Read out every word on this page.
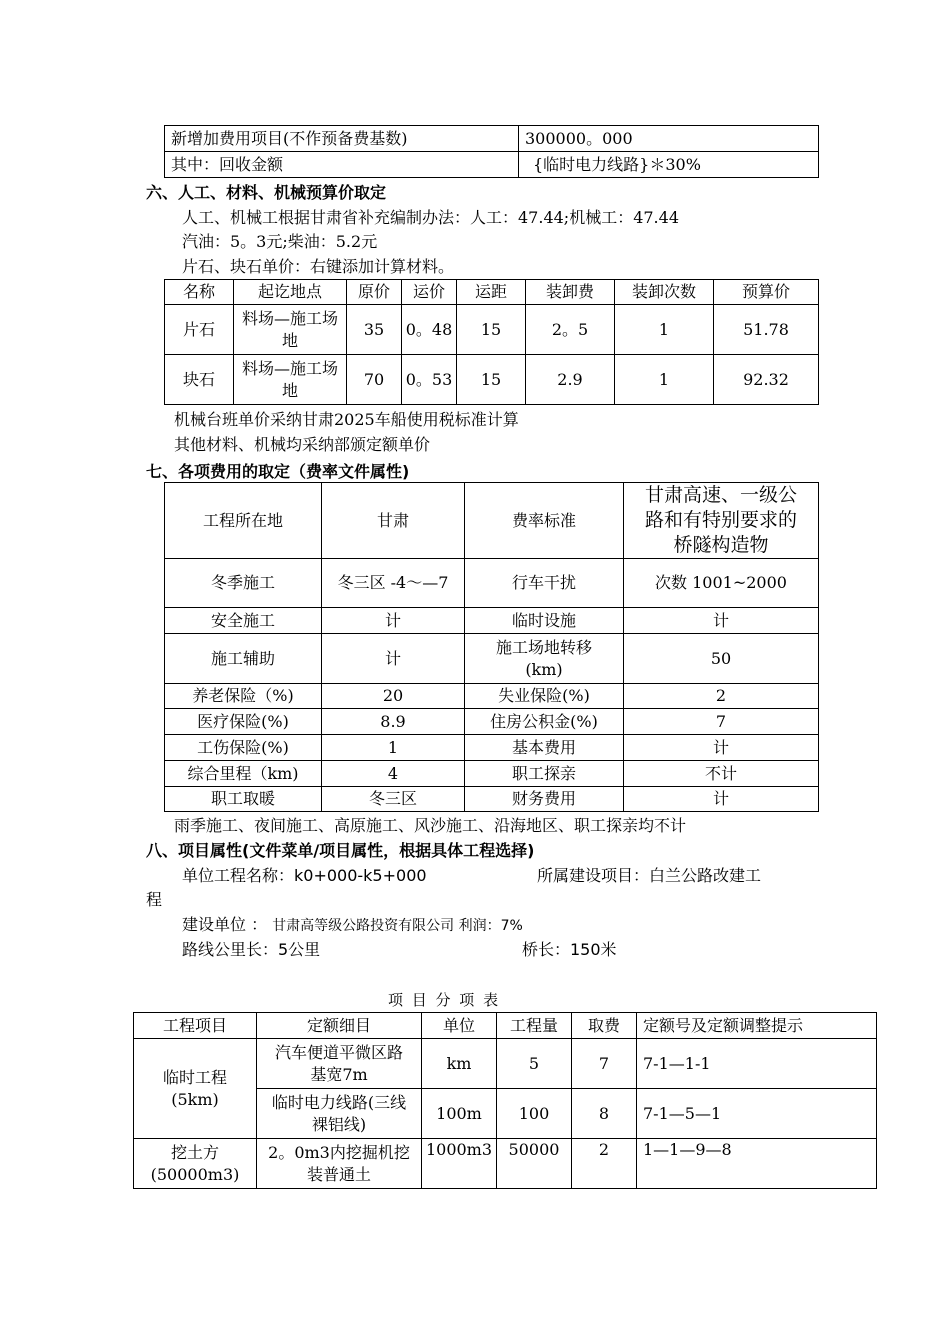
新增加费用项目(不作预备费基数)	300000。000
其中：回收金额	{临时电力线路}＊30%
六、人工、材料、机械预算价取定
人工、机械工根据甘肃省补充编制办法：人工：47.44;机械工：47.44
汽油：5。3元;柴油：5.2元
片石、块石单价：右键添加计算材料。
名称	起讫地点	原价	运价	运距	装卸费	装卸次数	预算价
片石	料场—施工场地	35	0。48	15	2。5	1	51.78
块石	料场—施工场地	70	0。53	15	2.9	1	92.32
机械台班单价采纳甘肃2025车船使用税标准计算
其他材料、机械均采纳部颁定额单价
七、各项费用的取定（费率文件属性)
工程所在地	甘肃	费率标准	甘肃高速、一级公路和有特别要求的桥隧构造物
冬季施工	冬三区 -4～—7	行车干扰	次数 1001~2000
安全施工	计	临时设施	计
施工辅助	计	施工场地转移(km)	50
养老保险（%)	20	失业保险(%)	2
医疗保险(%)	8.9	住房公积金(%)	7
工伤保险(%)	1	基本费用	计
综合里程（km)	4	职工探亲	不计
职工取暖	冬三区	财务费用	计
雨季施工、夜间施工、高原施工、风沙施工、沿海地区、职工探亲均不计
八、项目属性(文件菜单/项目属性，根据具体工程选择)
单位工程名称：k0+000-k5+000	所属建设项目：白兰公路改建工
程
建设单位 ： 甘肃高等级公路投资有限公司 利润：7%
路线公里长：5公里	桥长：150米
项 目 分 项 表
工程项目	定额细目	单位	工程量	取费	定额号及定额调整提示
临时工程(5km)	汽车便道平微区路基宽7m	km	5	7	7-1—1-1
	临时电力线路(三线裸铝线)	100m	100	8	7-1—5—1
挖土方(50000m3)	2。0m3内挖掘机挖装普通土	1000m3	50000	2	1—1—9—8
